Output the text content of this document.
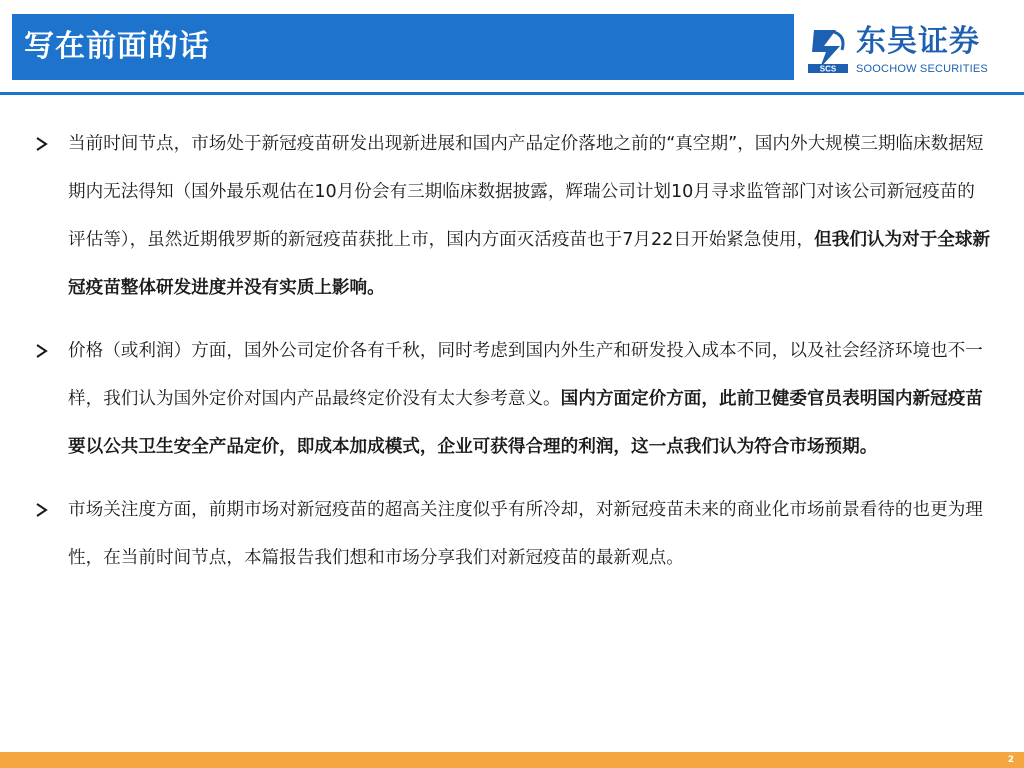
写在前面的话
SCS
东吴证券
SOOCHOW SECURITIES
当前时间节点，市场处于新冠疫苗研发出现新进展和国内产品定价落地之前的“真空期”，国内外大规模三期临床数据短期内无法得知（国外最乐观估在10月份会有三期临床数据披露，辉瑞公司计划10月寻求监管部门对该公司新冠疫苗的评估等），虽然近期俄罗斯的新冠疫苗获批上市，国内方面灭活疫苗也于7月22日开始紧急使用，但我们认为对于全球新冠疫苗整体研发进度并没有实质上影响。
价格（或利润）方面，国外公司定价各有千秋，同时考虑到国内外生产和研发投入成本不同，以及社会经济环境也不一样，我们认为国外定价对国内产品最终定价没有太大参考意义。国内方面定价方面，此前卫健委官员表明国内新冠疫苗要以公共卫生安全产品定价，即成本加成模式，企业可获得合理的利润，这一点我们认为符合市场预期。
市场关注度方面，前期市场对新冠疫苗的超高关注度似乎有所冷却，对新冠疫苗未来的商业化市场前景看待的也更为理性，在当前时间节点，本篇报告我们想和市场分享我们对新冠疫苗的最新观点。
2
